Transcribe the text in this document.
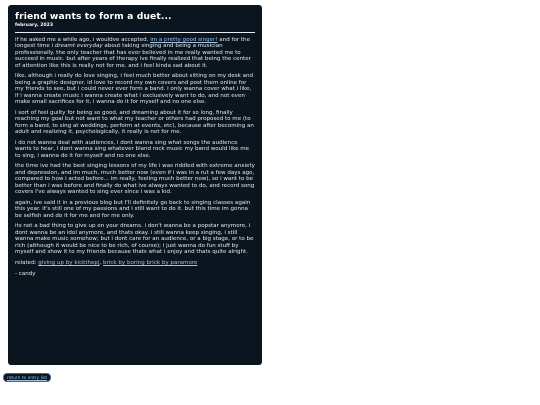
friend wants to form a duet...
february, 2023

if he asked me a while ago, i wouldve accepted. im a pretty good singer! and for the longest time i dreamt everyday about taking singing and being a musician professionally. the only teacher that has ever believed in me really wanted me to succeed in music. but after years of therapy ive finally realized that being the center of attention like this is really not for me. and i feel kinda sad about it.

like, although i really do love singing, i feel much better about sitting on my desk and being a graphic designer. id love to record my own covers and post them online for my friends to see, but i could never ever form a band. i only wanna cover what i like, if i wanna create music i wanna create what i exclusively want to do, and not even make small sacrifices for it, i wanna do it for myself and no one else.

i sort of feel guilty for being so good, and dreaming about it for so long, finally reaching my goal but not want to what my teacher or others had proposed to me (to form a band, to sing at weddings, perform at events, etc), because after becoming an adult and realizing it, psychologically, it really is not for me.

i do not wanna deal with audiences, i dont wanna sing what songs the audience wants to hear, i dont wanna sing whatever bland rock music my band would like me to sing, i wanna do it for myself and no one else.

the time ive had the best singing lessons of my life i was riddled with extreme anxiety and depression, and im much, much better now (even if i was in a rut a few days ago, compared to how i acted before... im really, feeling much better now), so i want to be better than i was before and finally do what ive always wanted to do, and record song covers I've always wanted to sing ever since i was a kid.

again, ive said it in a previous blog but I'll definitely go back to singing classes again this year. it's still one of my passions and i still want to do it. but this time im gonna be selfish and do it for me and for me only.

its not a bad thing to give up on your dreams. i don't wanna be a popstar anymore, i dont wanna be an idol anymore, and thats okay. i still wanna keep singing, i still wanna make music somehow; but i dont care for an audience, or a big stage, or to be rich (although it would be nice to be rich, of course); i just wanna do fun stuff by myself and show it to my friends because thats what i enjoy and thats quite alright.

related: giving up by kickthepj, brick by boring brick by paramore

- candy

return to entry list
